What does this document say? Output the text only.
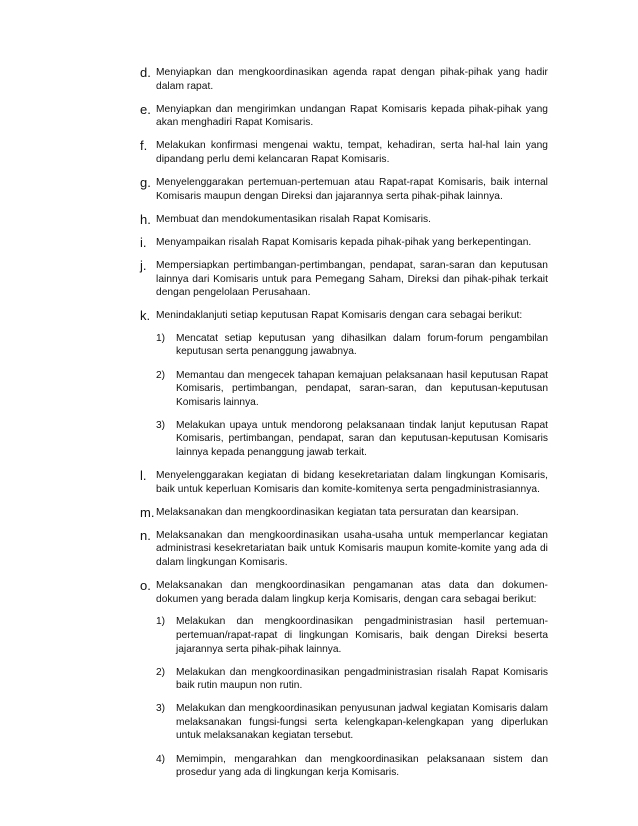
d. Menyiapkan dan mengkoordinasikan agenda rapat dengan pihak-pihak yang hadir dalam rapat.
e. Menyiapkan dan mengirimkan undangan Rapat Komisaris kepada pihak-pihak yang akan menghadiri Rapat Komisaris.
f. Melakukan konfirmasi mengenai waktu, tempat, kehadiran, serta hal-hal lain yang dipandang perlu demi kelancaran Rapat Komisaris.
g. Menyelenggarakan pertemuan-pertemuan atau Rapat-rapat Komisaris, baik internal Komisaris maupun dengan Direksi dan jajarannya serta pihak-pihak lainnya.
h. Membuat dan mendokumentasikan risalah Rapat Komisaris.
i. Menyampaikan risalah Rapat Komisaris kepada pihak-pihak yang berkepentingan.
j. Mempersiapkan pertimbangan-pertimbangan, pendapat, saran-saran dan keputusan lainnya dari Komisaris untuk para Pemegang Saham, Direksi dan pihak-pihak terkait dengan pengelolaan Perusahaan.
k. Menindaklanjuti setiap keputusan Rapat Komisaris dengan cara sebagai berikut:
1) Mencatat setiap keputusan yang dihasilkan dalam forum-forum pengambilan keputusan serta penanggung jawabnya.
2) Memantau dan mengecek tahapan kemajuan pelaksanaan hasil keputusan Rapat Komisaris, pertimbangan, pendapat, saran-saran, dan keputusan-keputusan Komisaris lainnya.
3) Melakukan upaya untuk mendorong pelaksanaan tindak lanjut keputusan Rapat Komisaris, pertimbangan, pendapat, saran dan keputusan-keputusan Komisaris lainnya kepada penanggung jawab terkait.
l. Menyelenggarakan kegiatan di bidang kesekretariatan dalam lingkungan Komisaris, baik untuk keperluan Komisaris dan komite-komitenya serta pengadministrasiannya.
m. Melaksanakan dan mengkoordinasikan kegiatan tata persuratan dan kearsipan.
n. Melaksanakan dan mengkoordinasikan usaha-usaha untuk memperlancar kegiatan administrasi kesekretariatan baik untuk Komisaris maupun komite-komite yang ada di dalam lingkungan Komisaris.
o. Melaksanakan dan mengkoordinasikan pengamanan atas data dan dokumen-dokumen yang berada dalam lingkup kerja Komisaris, dengan cara sebagai berikut:
1) Melakukan dan mengkoordinasikan pengadministrasian hasil pertemuan-pertemuan/rapat-rapat di lingkungan Komisaris, baik dengan Direksi beserta jajarannya serta pihak-pihak lainnya.
2) Melakukan dan mengkoordinasikan pengadministrasian risalah Rapat Komisaris baik rutin maupun non rutin.
3) Melakukan dan mengkoordinasikan penyusunan jadwal kegiatan Komisaris dalam melaksanakan fungsi-fungsi serta kelengkapan-kelengkapan yang diperlukan untuk melaksanakan kegiatan tersebut.
4) Memimpin, mengarahkan dan mengkoordinasikan pelaksanaan sistem dan prosedur yang ada di lingkungan kerja Komisaris.
